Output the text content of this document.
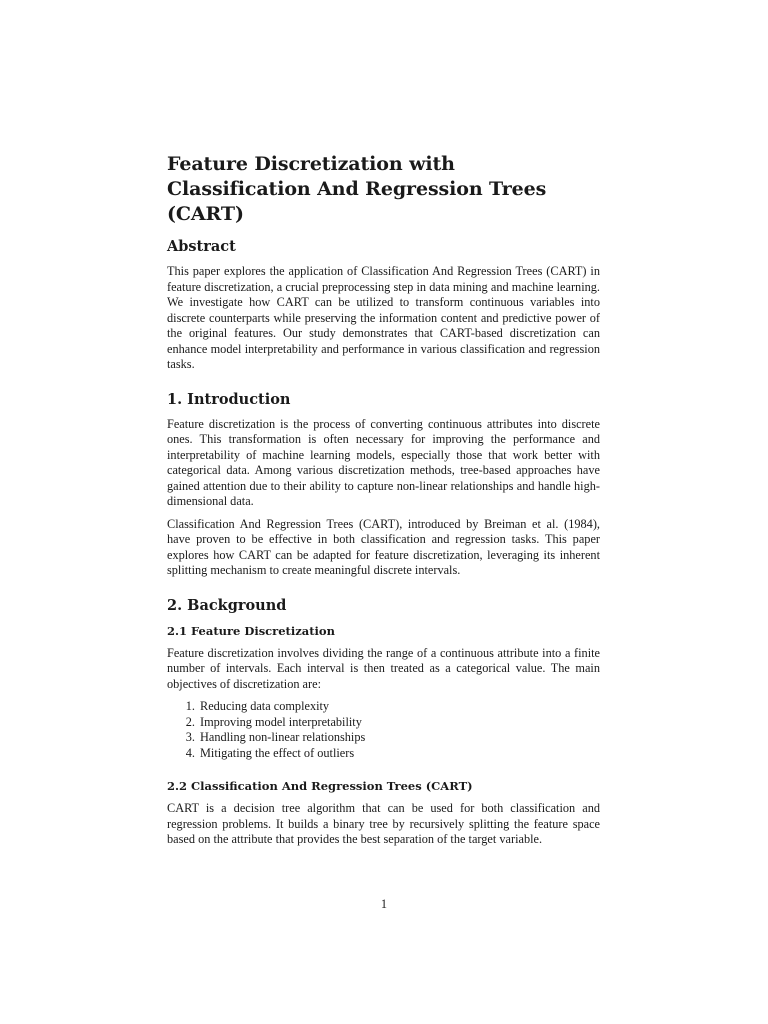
Feature Discretization with Classification And Regression Trees (CART)
Abstract

This paper explores the application of Classification And Regression Trees (CART) in feature discretization, a crucial preprocessing step in data mining and machine learning. We investigate how CART can be utilized to transform continuous variables into discrete counterparts while preserving the information content and predictive power of the original features. Our study demonstrates that CART-based discretization can enhance model interpretability and performance in various classification and regression tasks.

1. Introduction

Feature discretization is the process of converting continuous attributes into discrete ones. This transformation is often necessary for improving the performance and interpretability of machine learning models, especially those that work better with categorical data. Among various discretization methods, tree-based approaches have gained attention due to their ability to capture non-linear relationships and handle high-dimensional data.

Classification And Regression Trees (CART), introduced by Breiman et al. (1984), have proven to be effective in both classification and regression tasks. This paper explores how CART can be adapted for feature discretization, leveraging its inherent splitting mechanism to create meaningful discrete intervals.

2. Background
2.1 Feature Discretization

Feature discretization involves dividing the range of a continuous attribute into a finite number of intervals. Each interval is then treated as a categorical value. The main objectives of discretization are:

1. Reducing data complexity
2. Improving model interpretability
3. Handling non-linear relationships
4. Mitigating the effect of outliers
2.2 Classification And Regression Trees (CART)

CART is a decision tree algorithm that can be used for both classification and regression problems. It builds a binary tree by recursively splitting the feature space based on the attribute that provides the best separation of the target variable.

1
